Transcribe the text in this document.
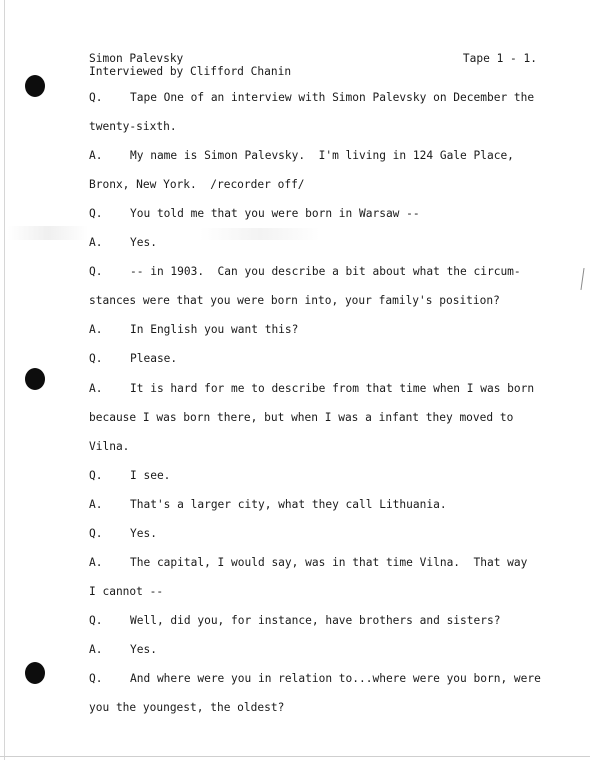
Simon Palevsky
Interviewed by Clifford Chanin
Tape 1 - 1.
Q. Tape One of an interview with Simon Palevsky on December the
twenty-sixth.
A. My name is Simon Palevsky.  I'm living in 124 Gale Place,
Bronx, New York.  /recorder off/
Q. You told me that you were born in Warsaw --
A. Yes.
Q. -- in 1903.  Can you describe a bit about what the circum-
stances were that you were born into, your family's position?
A. In English you want this?
Q. Please.
A. It is hard for me to describe from that time when I was born
because I was born there, but when I was a infant they moved to
Vilna.
Q. I see.
A. That's a larger city, what they call Lithuania.
Q. Yes.
A. The capital, I would say, was in that time Vilna.  That way
I cannot --
Q. Well, did you, for instance, have brothers and sisters?
A. Yes.
Q. And where were you in relation to...where were you born, were
you the youngest, the oldest?
